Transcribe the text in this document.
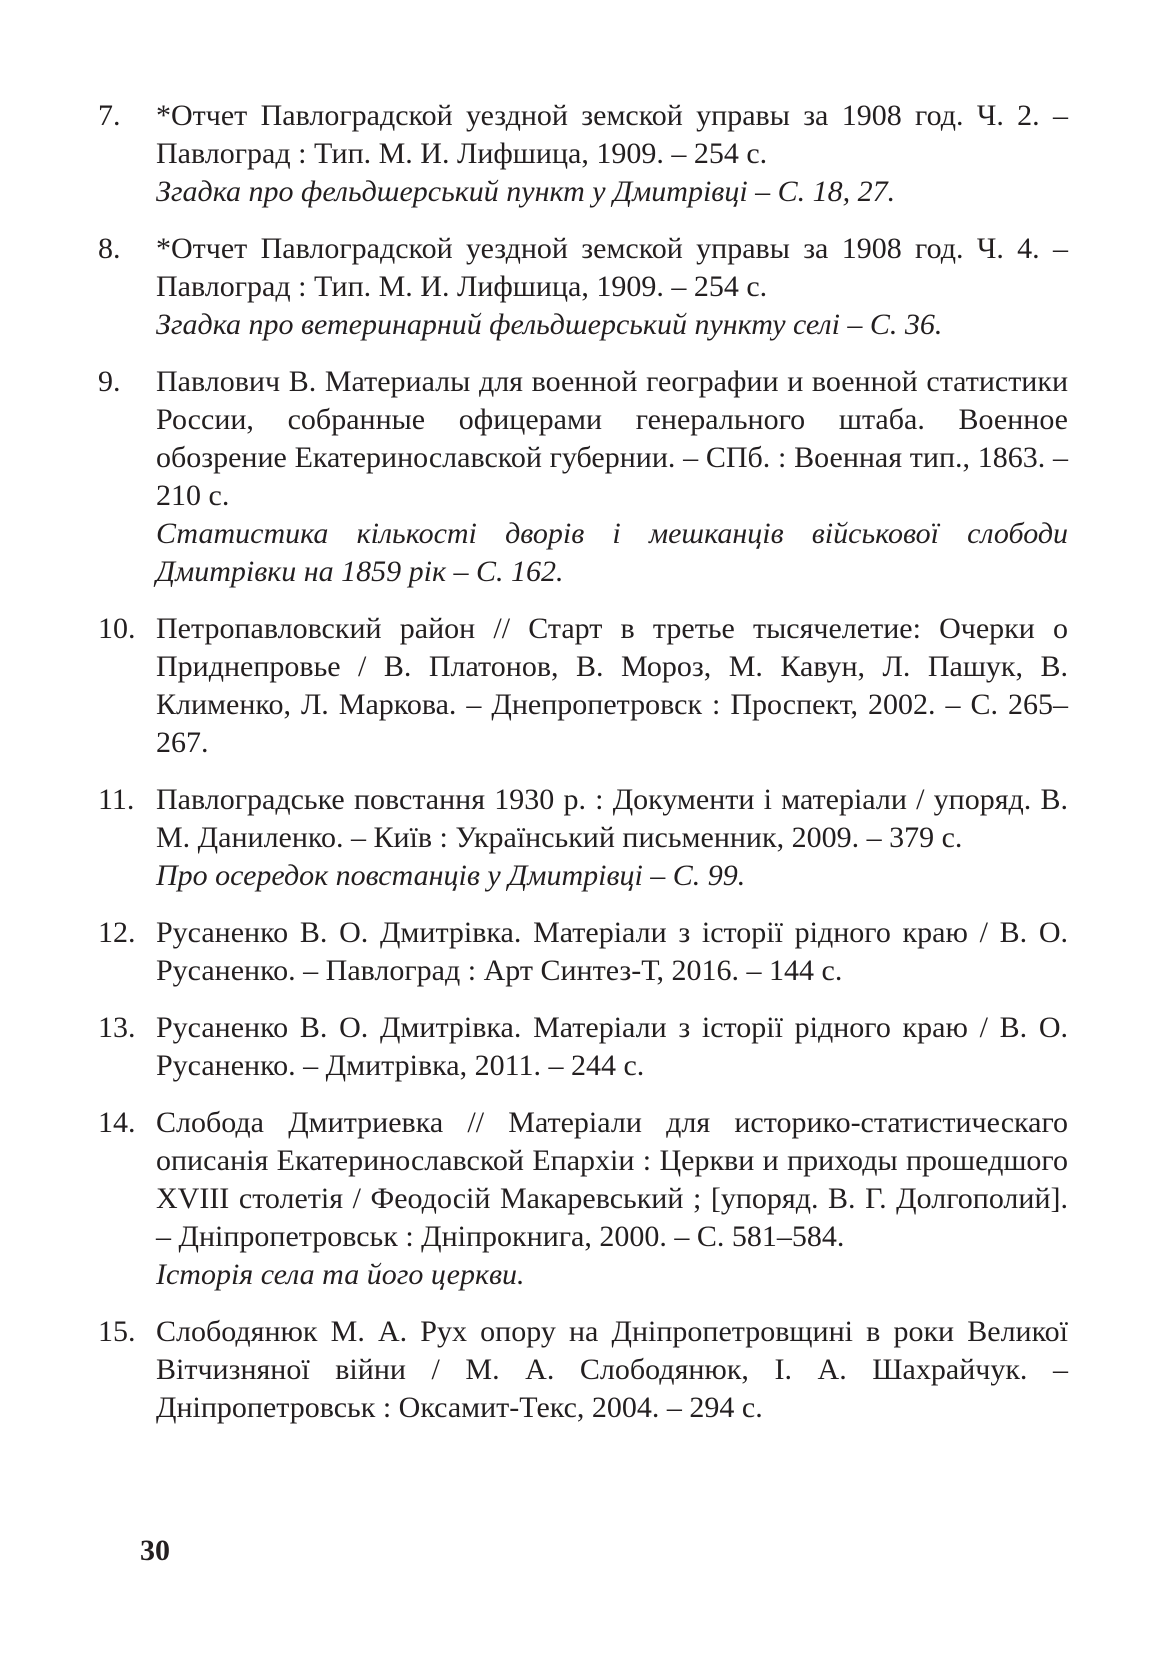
7.	*Отчет Павлоградской уездной земской управы за 1908 год. Ч. 2. – Павлоград : Тип. М. И. Лифшица, 1909. – 254 с.
Згадка про фельдшерський пункт у Дмитрівці – С. 18, 27.
8.	*Отчет Павлоградской уездной земской управы за 1908 год. Ч. 4. – Павлоград : Тип. М. И. Лифшица, 1909. – 254 с.
Згадка про ветеринарний фельдшерський пункту селі – С. 36.
9.	Павлович В. Материалы для военной географии и военной статистики России, собранные офицерами генерального штаба. Военное обозрение Екатеринославской губернии. – СПб. : Военная тип., 1863. – 210 с.
Статистика кількості дворів і мешканців військової слободи Дмитрівки на 1859 рік – С. 162.
10. Петропавловский район // Старт в третье тысячелетие: Очерки о Приднепровье / В. Платонов, В. Мороз, М. Кавун, Л. Пашук, В. Клименко, Л. Маркова. – Днепропетровск : Проспект, 2002. – С. 265–267.
11. Павлоградське повстання 1930 р. : Документи і матеріали / упоряд. В. М. Даниленко. – Київ : Український письменник, 2009. – 379 с.
Про осередок повстанців у Дмитрівці – С. 99.
12. Русаненко В. О. Дмитрівка. Матеріали з історії рідного краю / В. О. Русаненко. – Павлоград : Арт Синтез-Т, 2016. – 144 с.
13. Русаненко В. О. Дмитрівка. Матеріали з історії рідного краю / В. О. Русаненко. – Дмитрівка, 2011. – 244 с.
14. Слобода Дмитриевка // Матеріали для историко-статистическаго описанія Екатеринославской Епархіи : Церкви и приходы прошедшого XVIII столетія / Феодосій Макаревський ; [упоряд. В. Г. Долгополий]. – Дніпропетровськ : Дніпрокнига, 2000. – С. 581–584.
Історія села та його церкви.
15. Слободянюк М. А. Рух опору на Дніпропетровщині в роки Великої Вітчизняної війни / М. А. Слободянюк, І. А. Шахрайчук. – Дніпропетровськ : Оксамит-Текс, 2004. – 294 с.
30
